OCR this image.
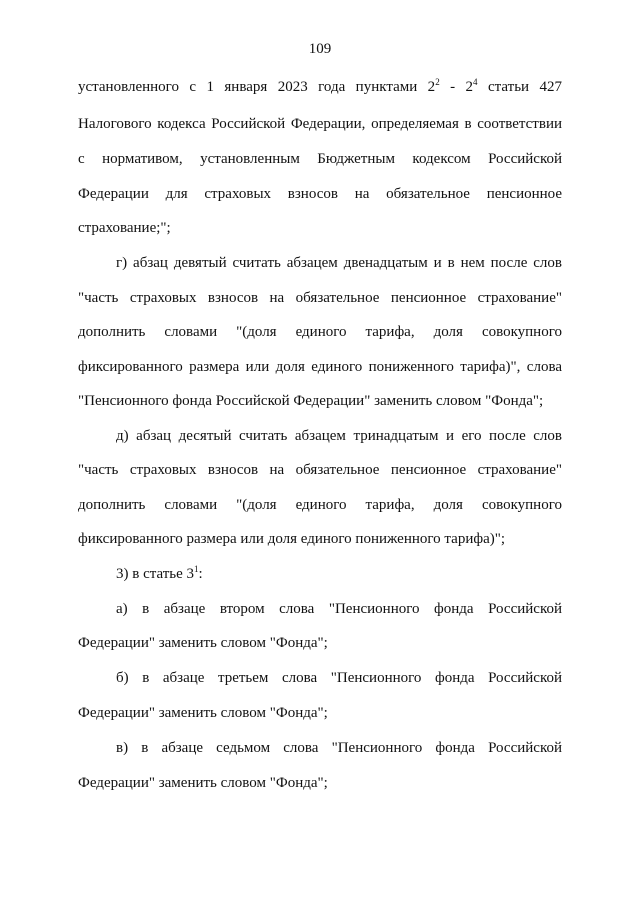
109
установленного с 1 января 2023 года пунктами $2^2 - 2^4$ статьи 427
Налогового кодекса Российской Федерации, определяемая в соответствии
с нормативом, установленным Бюджетным кодексом Российской
Федерации для страховых взносов на обязательное пенсионное
страхование;";
г) абзац девятый считать абзацем двенадцатым и в нем после слов
"часть страховых взносов на обязательное пенсионное страхование"
дополнить словами "(доля единого тарифа, доля совокупного
фиксированного размера или доля единого пониженного тарифа)", слова
"Пенсионного фонда Российской Федерации" заменить словом "Фонда";
д) абзац десятый считать абзацем тринадцатым и его после слов
"часть страховых взносов на обязательное пенсионное страхование"
дополнить словами "(доля единого тарифа, доля совокупного
фиксированного размера или доля единого пониженного тарифа)";
3) в статье $3^1$:
а) в абзаце втором слова "Пенсионного фонда Российской
Федерации" заменить словом "Фонда";
б) в абзаце третьем слова "Пенсионного фонда Российской
Федерации" заменить словом "Фонда";
в) в абзаце седьмом слова "Пенсионного фонда Российской
Федерации" заменить словом "Фонда";
